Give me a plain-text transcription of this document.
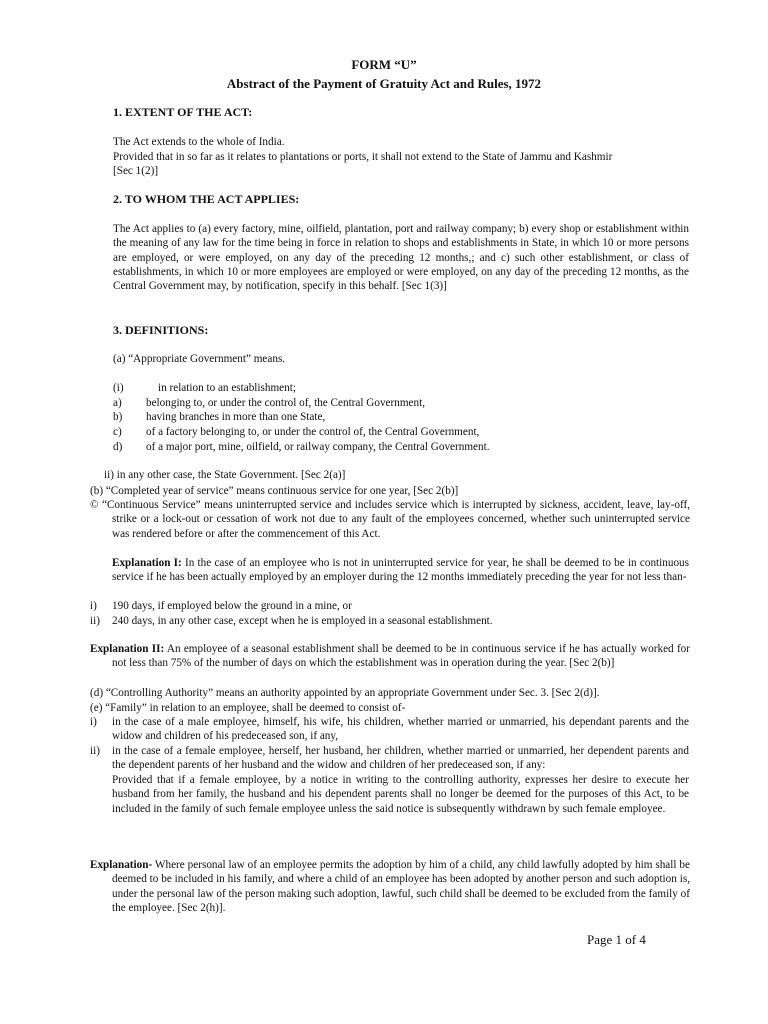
FORM “U”
Abstract of the Payment of Gratuity Act and Rules, 1972
1. EXTENT OF THE ACT:
The Act extends to the whole of India.
Provided that in so far as it relates to plantations or ports, it shall not extend to the State of Jammu and Kashmir
[Sec 1(2)]
2. TO WHOM THE ACT APPLIES:
The Act applies to (a) every factory, mine, oilfield, plantation, port and railway company; b) every shop or establishment within the meaning of any law for the time being in force in relation to shops and establishments in State, in which 10 or more persons are employed, or were employed, on any day of the preceding 12 months,; and c) such other establishment, or class of establishments, in which 10 or more employees are employed or were employed, on any day of the preceding 12 months, as the Central Government may, by notification, specify in this behalf. [Sec 1(3)]
3. DEFINITIONS:
(a) “Appropriate Government” means.
(i)	in relation to an establishment;
a) belonging to, or under the control of, the Central Government,
b) having branches in more than one State,
c) of a factory belonging to, or under the control of, the Central Government,
d) of a major port, mine, oilfield, or railway company, the Central Government.
ii) in any other case, the State Government. [Sec 2(a)]
(b) “Completed year of service” means continuous service for one year, [Sec 2(b)]
© “Continuous Service” means uninterrupted service and includes service which is interrupted by sickness, accident, leave, lay-off, strike or a lock-out or cessation of work not due to any fault of the employees concerned, whether such uninterrupted service was rendered before or after the commencement of this Act.
Explanation I: In the case of an employee who is not in uninterrupted service for year, he shall be deemed to be in continuous service if he has been actually employed by an employer during the 12 months immediately preceding the year for not less than-
i) 190 days, if employed below the ground in a mine, or
ii) 240 days, in any other case, except when he is employed in a seasonal establishment.
Explanation II: An employee of a seasonal establishment shall be deemed to be in continuous service if he has actually worked for not less than 75% of the number of days on which the establishment was in operation during the year. [Sec 2(b)]
(d) “Controlling Authority” means an authority appointed by an appropriate Government under Sec. 3. [Sec 2(d)].
(e) “Family” in relation to an employee, shall be deemed to consist of-
i) in the case of a male employee, himself, his wife, his children, whether married or unmarried, his dependant parents and the widow and children of his predeceased son, if any,
ii) in the case of a female employee, herself, her husband, her children, whether married or unmarried, her dependent parents and the dependent parents of her husband and the widow and children of her predeceased son, if any:
Provided that if a female employee, by a notice in writing to the controlling authority, expresses her desire to execute her husband from her family, the husband and his dependent parents shall no longer be deemed for the purposes of this Act, to be included in the family of such female employee unless the said notice is subsequently withdrawn by such female employee.
Explanation- Where personal law of an employee permits the adoption by him of a child, any child lawfully adopted by him shall be deemed to be included in his family, and where a child of an employee has been adopted by another person and such adoption is, under the personal law of the person making such adoption, lawful, such child shall be deemed to be excluded from the family of the employee. [Sec 2(h)].
Page 1 of 4
